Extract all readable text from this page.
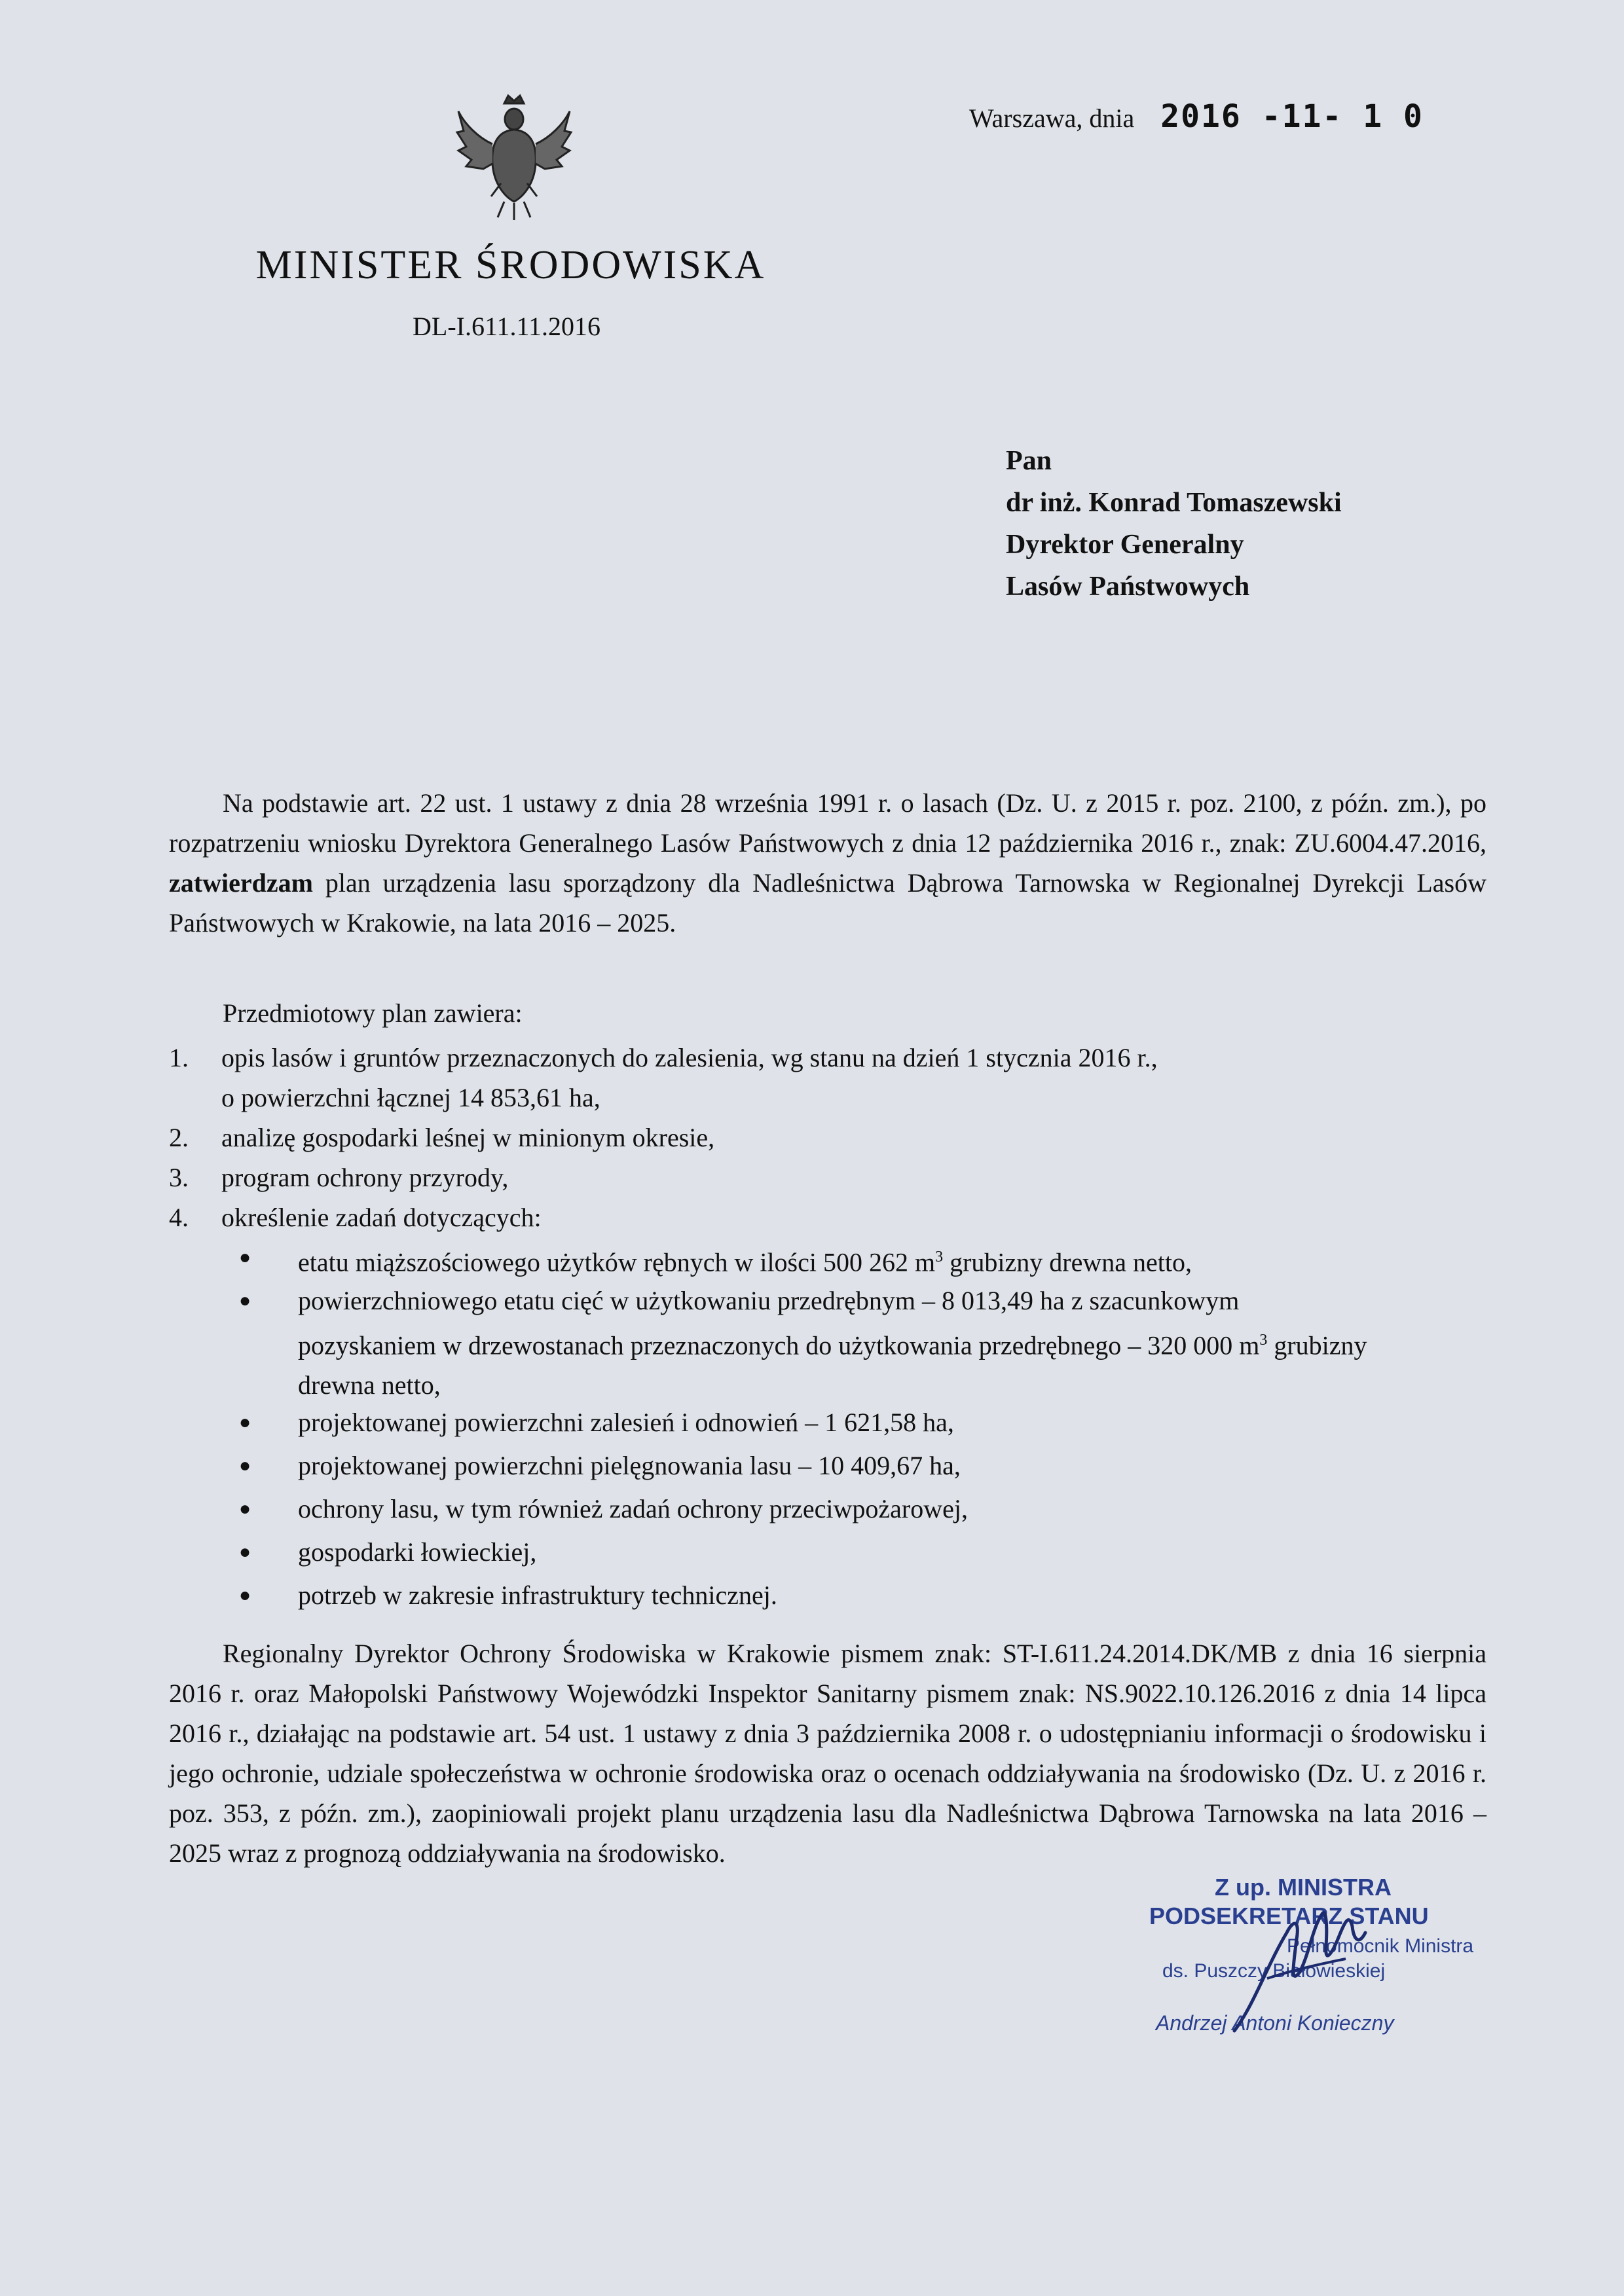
MINISTER ŚRODOWISKA
DL-I.611.11.2016
Warszawa, dnia 2016 -11- 1 0
Pan
dr inż. Konrad Tomaszewski
Dyrektor Generalny
Lasów Państwowych
Na podstawie art. 22 ust. 1 ustawy z dnia 28 września 1991 r. o lasach (Dz. U. z 2015 r. poz. 2100, z późn. zm.), po rozpatrzeniu wniosku Dyrektora Generalnego Lasów Państwowych z dnia 12 października 2016 r., znak: ZU.6004.47.2016, zatwierdzam plan urządzenia lasu sporządzony dla Nadleśnictwa Dąbrowa Tarnowska w Regionalnej Dyrekcji Lasów Państwowych w Krakowie, na lata 2016 – 2025.
Przedmiotowy plan zawiera:
1. opis lasów i gruntów przeznaczonych do zalesienia, wg stanu na dzień 1 stycznia 2016 r.,
o powierzchni łącznej 14 853,61 ha,
2. analizę gospodarki leśnej w minionym okresie,
3. program ochrony przyrody,
4. określenie zadań dotyczących:
●	etatu miąższościowego użytków rębnych w ilości 500 262 $m^3$ grubizny drewna netto,
●	powierzchniowego etatu cięć w użytkowaniu przedrębnym – 8 013,49 ha z szacunkowym pozyskaniem w drzewostanach przeznaczonych do użytkowania przedrębnego – 320 000 $m^3$ grubizny drewna netto,
●	projektowanej powierzchni zalesień i odnowień – 1 621,58 ha,
●	projektowanej powierzchni pielęgnowania lasu – 10 409,67 ha,
●	ochrony lasu, w tym również zadań ochrony przeciwpożarowej,
●	gospodarki łowieckiej,
●	potrzeb w zakresie infrastruktury technicznej.
Regionalny Dyrektor Ochrony Środowiska w Krakowie pismem znak: ST-I.611.24.2014.DK/MB z dnia 16 sierpnia 2016 r. oraz Małopolski Państwowy Wojewódzki Inspektor Sanitarny pismem znak: NS.9022.10.126.2016 z dnia 14 lipca 2016 r., działając na podstawie art. 54 ust. 1 ustawy z dnia 3 października 2008 r. o udostępnianiu informacji o środowisku i jego ochronie, udziale społeczeństwa w ochronie środowiska oraz o ocenach oddziaływania na środowisko (Dz. U. z 2016 r. poz. 353, z późn. zm.), zaopiniowali projekt planu urządzenia lasu dla Nadleśnictwa Dąbrowa Tarnowska na lata 2016 – 2025 wraz z prognozą oddziaływania na środowisko.
Z up. MINISTRA
PODSEKRETARZ STANU
Pełnomocnik Ministra
ds. Puszczy Białowieskiej
Andrzej Antoni Konieczny
